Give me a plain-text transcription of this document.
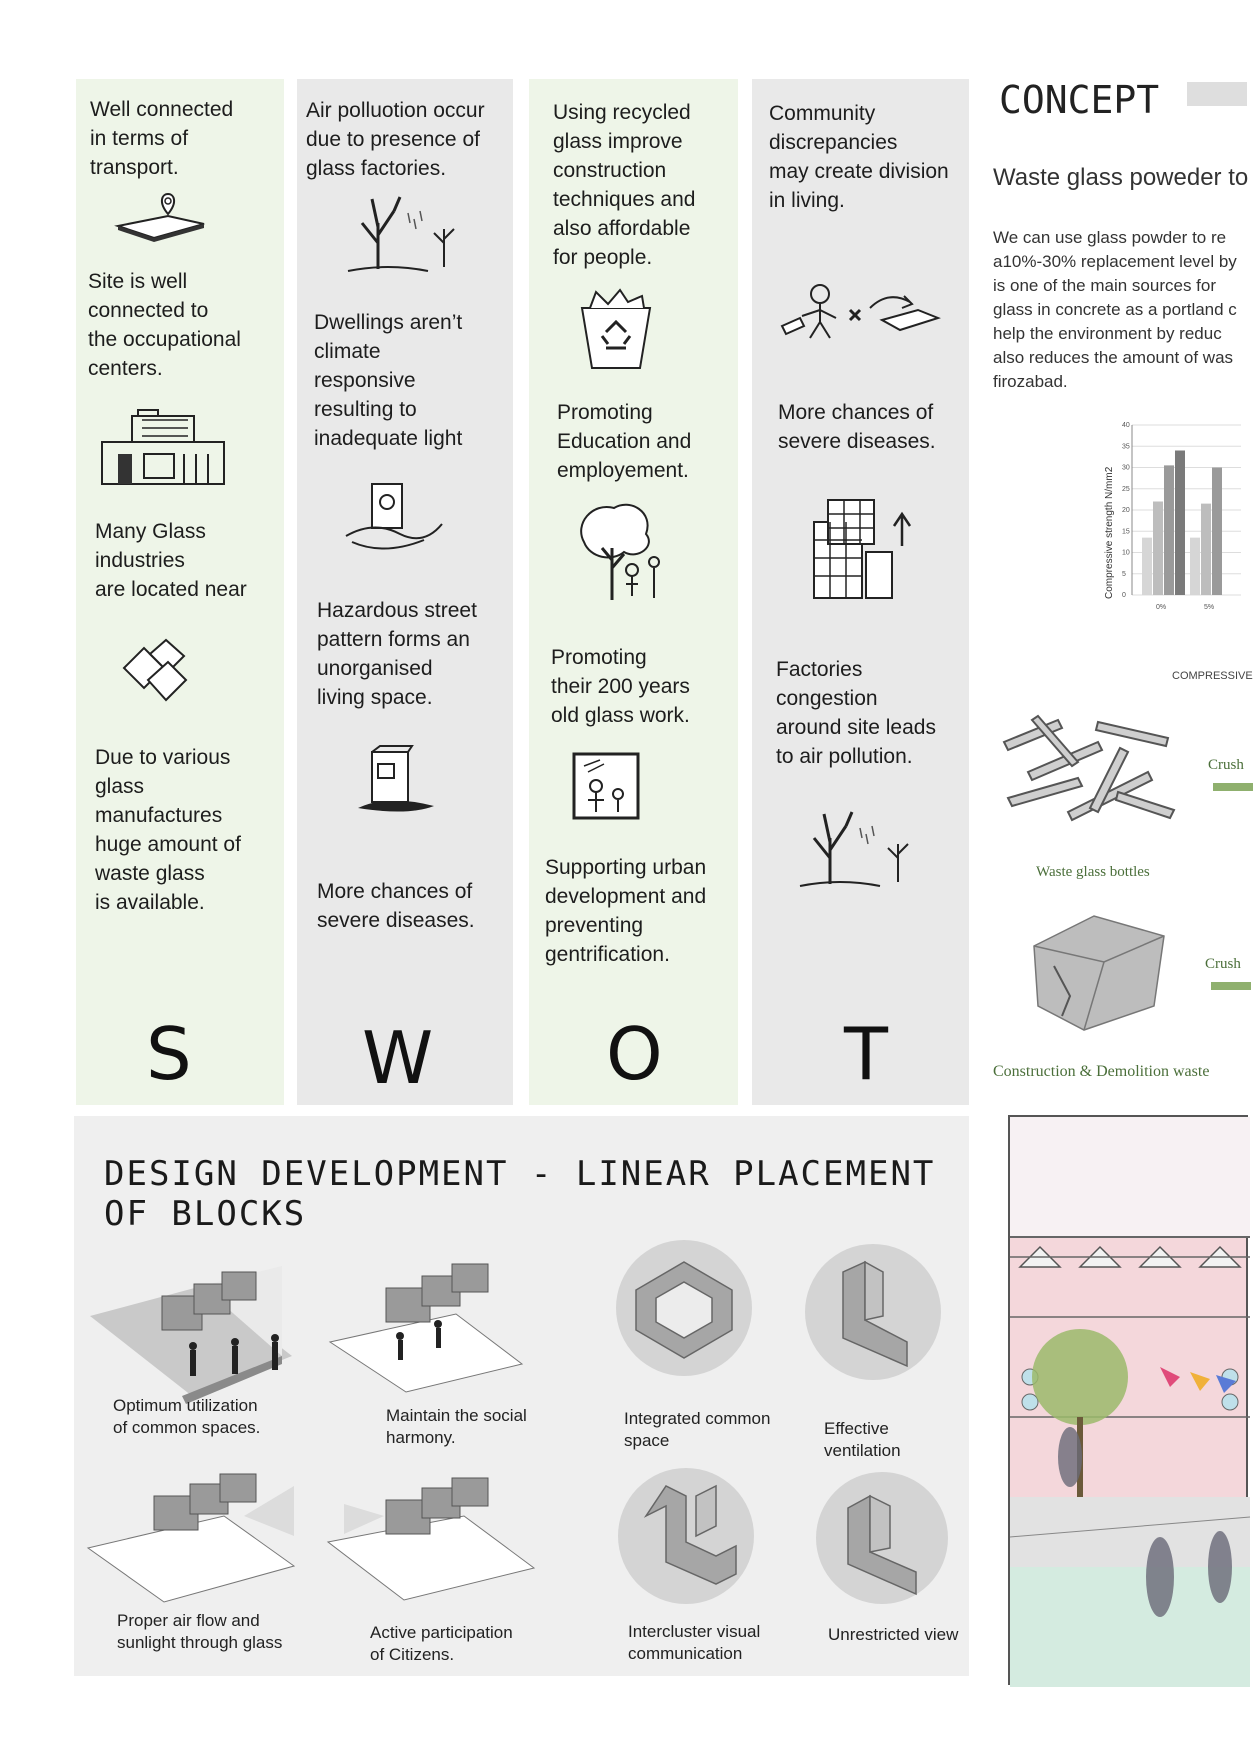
Well connected
in terms of
transport.
Site is well
connected to
the occupational
centers.
Many Glass
industries
are located near
Due to various
glass
manufactures
huge amount of
waste glass
is available.
S
Air polluotion occur
due to presence of
glass factories.
Dwellings aren’t
climate
responsive
resulting to
inadequate light
Hazardous street
pattern forms an
unorganised
living space.
More chances of
severe diseases.
W
Using recycled
glass improve
construction
techniques and
also affordable
for people.
Promoting
Education and
employement.
Promoting
their 200 years
old glass work.
Supporting urban
development and
preventing
gentrification.
O
Community
discrepancies
may create division
in living.
More chances of
severe diseases.
Factories
congestion
around site leads
to air pollution.
T
DESIGN DEVELOPMENT - LINEAR PLACEMENT OF BLOCKS
Optimum utilization
of common spaces.
Maintain the social
harmony.
Integrated common
space
Effective ventilation
Proper air flow and
sunlight through glass
Active participation
of Citizens.
Intercluster visual
communication
Unrestricted view
CONCEPT
Waste glass poweder to
We can use glass powder to re
a10%-30% replacement level by
is one of the main sources for
glass in concrete as a portland c
help the environment by reduc
also reduces the amount of was
firozabad.
0
5
10
15
20
25
30
35
40
0%	5%
Compressive strength N/mm2
COMPRESSIVE
Crush
Waste glass bottles
Crush
Construction & Demolition waste
